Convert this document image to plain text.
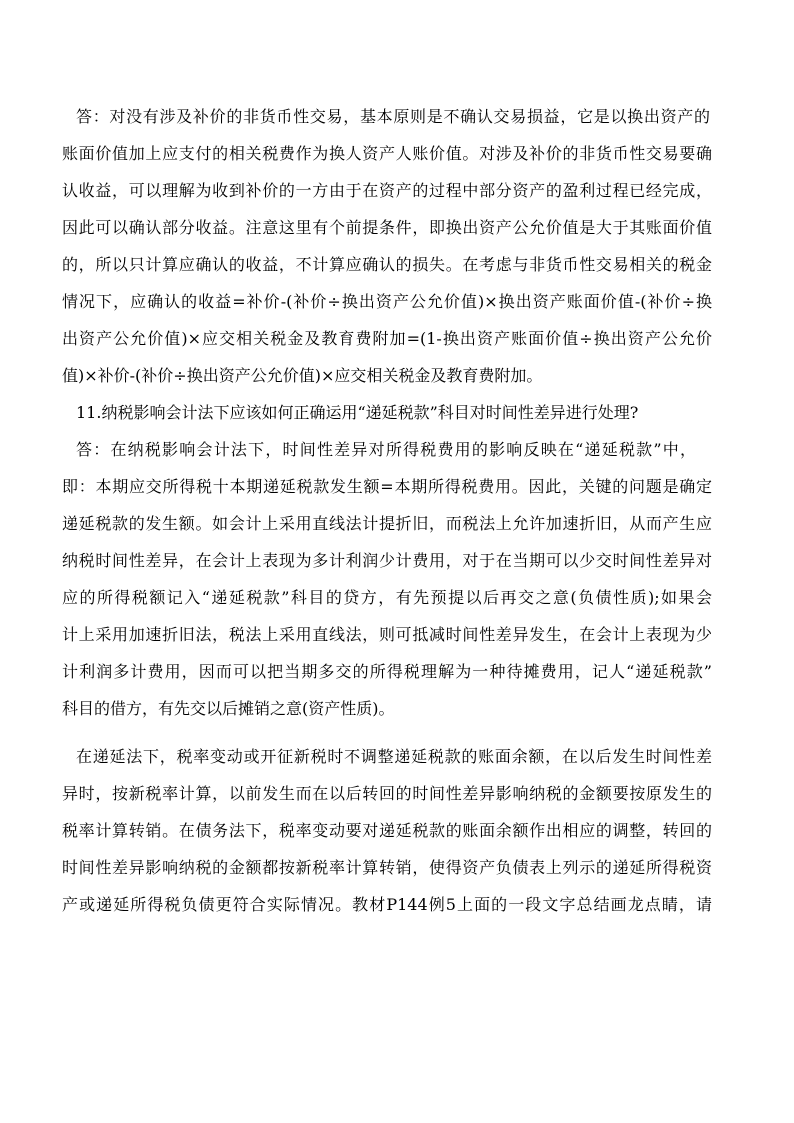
答：对没有涉及补价的非货币性交易，基本原则是不确认交易损益，它是以换出资产的
账面价值加上应支付的相关税费作为换人资产人账价值。对涉及补价的非货币性交易要确
认收益，可以理解为收到补价的一方由于在资产的过程中部分资产的盈利过程已经完成，
因此可以确认部分收益。注意这里有个前提条件，即换出资产公允价值是大于其账面价值
的，所以只计算应确认的收益，不计算应确认的损失。在考虑与非货币性交易相关的税金
情况下，应确认的收益=补价-(补价÷换出资产公允价值)×换出资产账面价值-(补价÷换
出资产公允价值)×应交相关税金及教育费附加=(1-换出资产账面价值÷换出资产公允价
值)×补价-(补价÷换出资产公允价值)×应交相关税金及教育费附加。
11.纳税影响会计法下应该如何正确运用“递延税款”科目对时间性差异进行处理?
答：在纳税影响会计法下，时间性差异对所得税费用的影响反映在“递延税款”中，
即：本期应交所得税十本期递延税款发生额=本期所得税费用。因此，关键的问题是确定
递延税款的发生额。如会计上采用直线法计提折旧，而税法上允许加速折旧，从而产生应
纳税时间性差异，在会计上表现为多计利润少计费用，对于在当期可以少交时间性差异对
应的所得税额记入“递延税款”科目的贷方，有先预提以后再交之意(负债性质);如果会
计上采用加速折旧法，税法上采用直线法，则可抵减时间性差异发生，在会计上表现为少
计利润多计费用，因而可以把当期多交的所得税理解为一种待摊费用，记人“递延税款”
科目的借方，有先交以后摊销之意(资产性质)。
在递延法下，税率变动或开征新税时不调整递延税款的账面余额，在以后发生时间性差
异时，按新税率计算，以前发生而在以后转回的时间性差异影响纳税的金额要按原发生的
税率计算转销。在债务法下，税率变动要对递延税款的账面余额作出相应的调整，转回的
时间性差异影响纳税的金额都按新税率计算转销，使得资产负债表上列示的递延所得税资
产或递延所得税负债更符合实际情况。教材P144例5上面的一段文字总结画龙点睛，请
